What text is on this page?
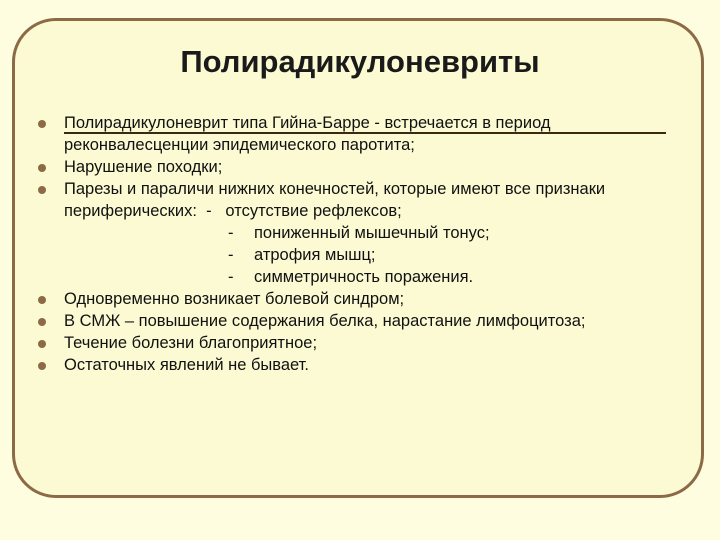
Полирадикулоневриты
Полирадикулоневрит типа Гийна-Барре - встречается в период
реконвалесценции эпидемического паротита;
Нарушение походки;
Парезы и параличи нижних конечностей, которые имеют все признаки
периферических: - отсутствие рефлексов;
- пониженный мышечный тонус;
- атрофия мышц;
- симметричность поражения.
Одновременно возникает болевой синдром;
В СМЖ – повышение содержания белка, нарастание лимфоцитоза;
Течение болезни благоприятное;
Остаточных явлений не бывает.
